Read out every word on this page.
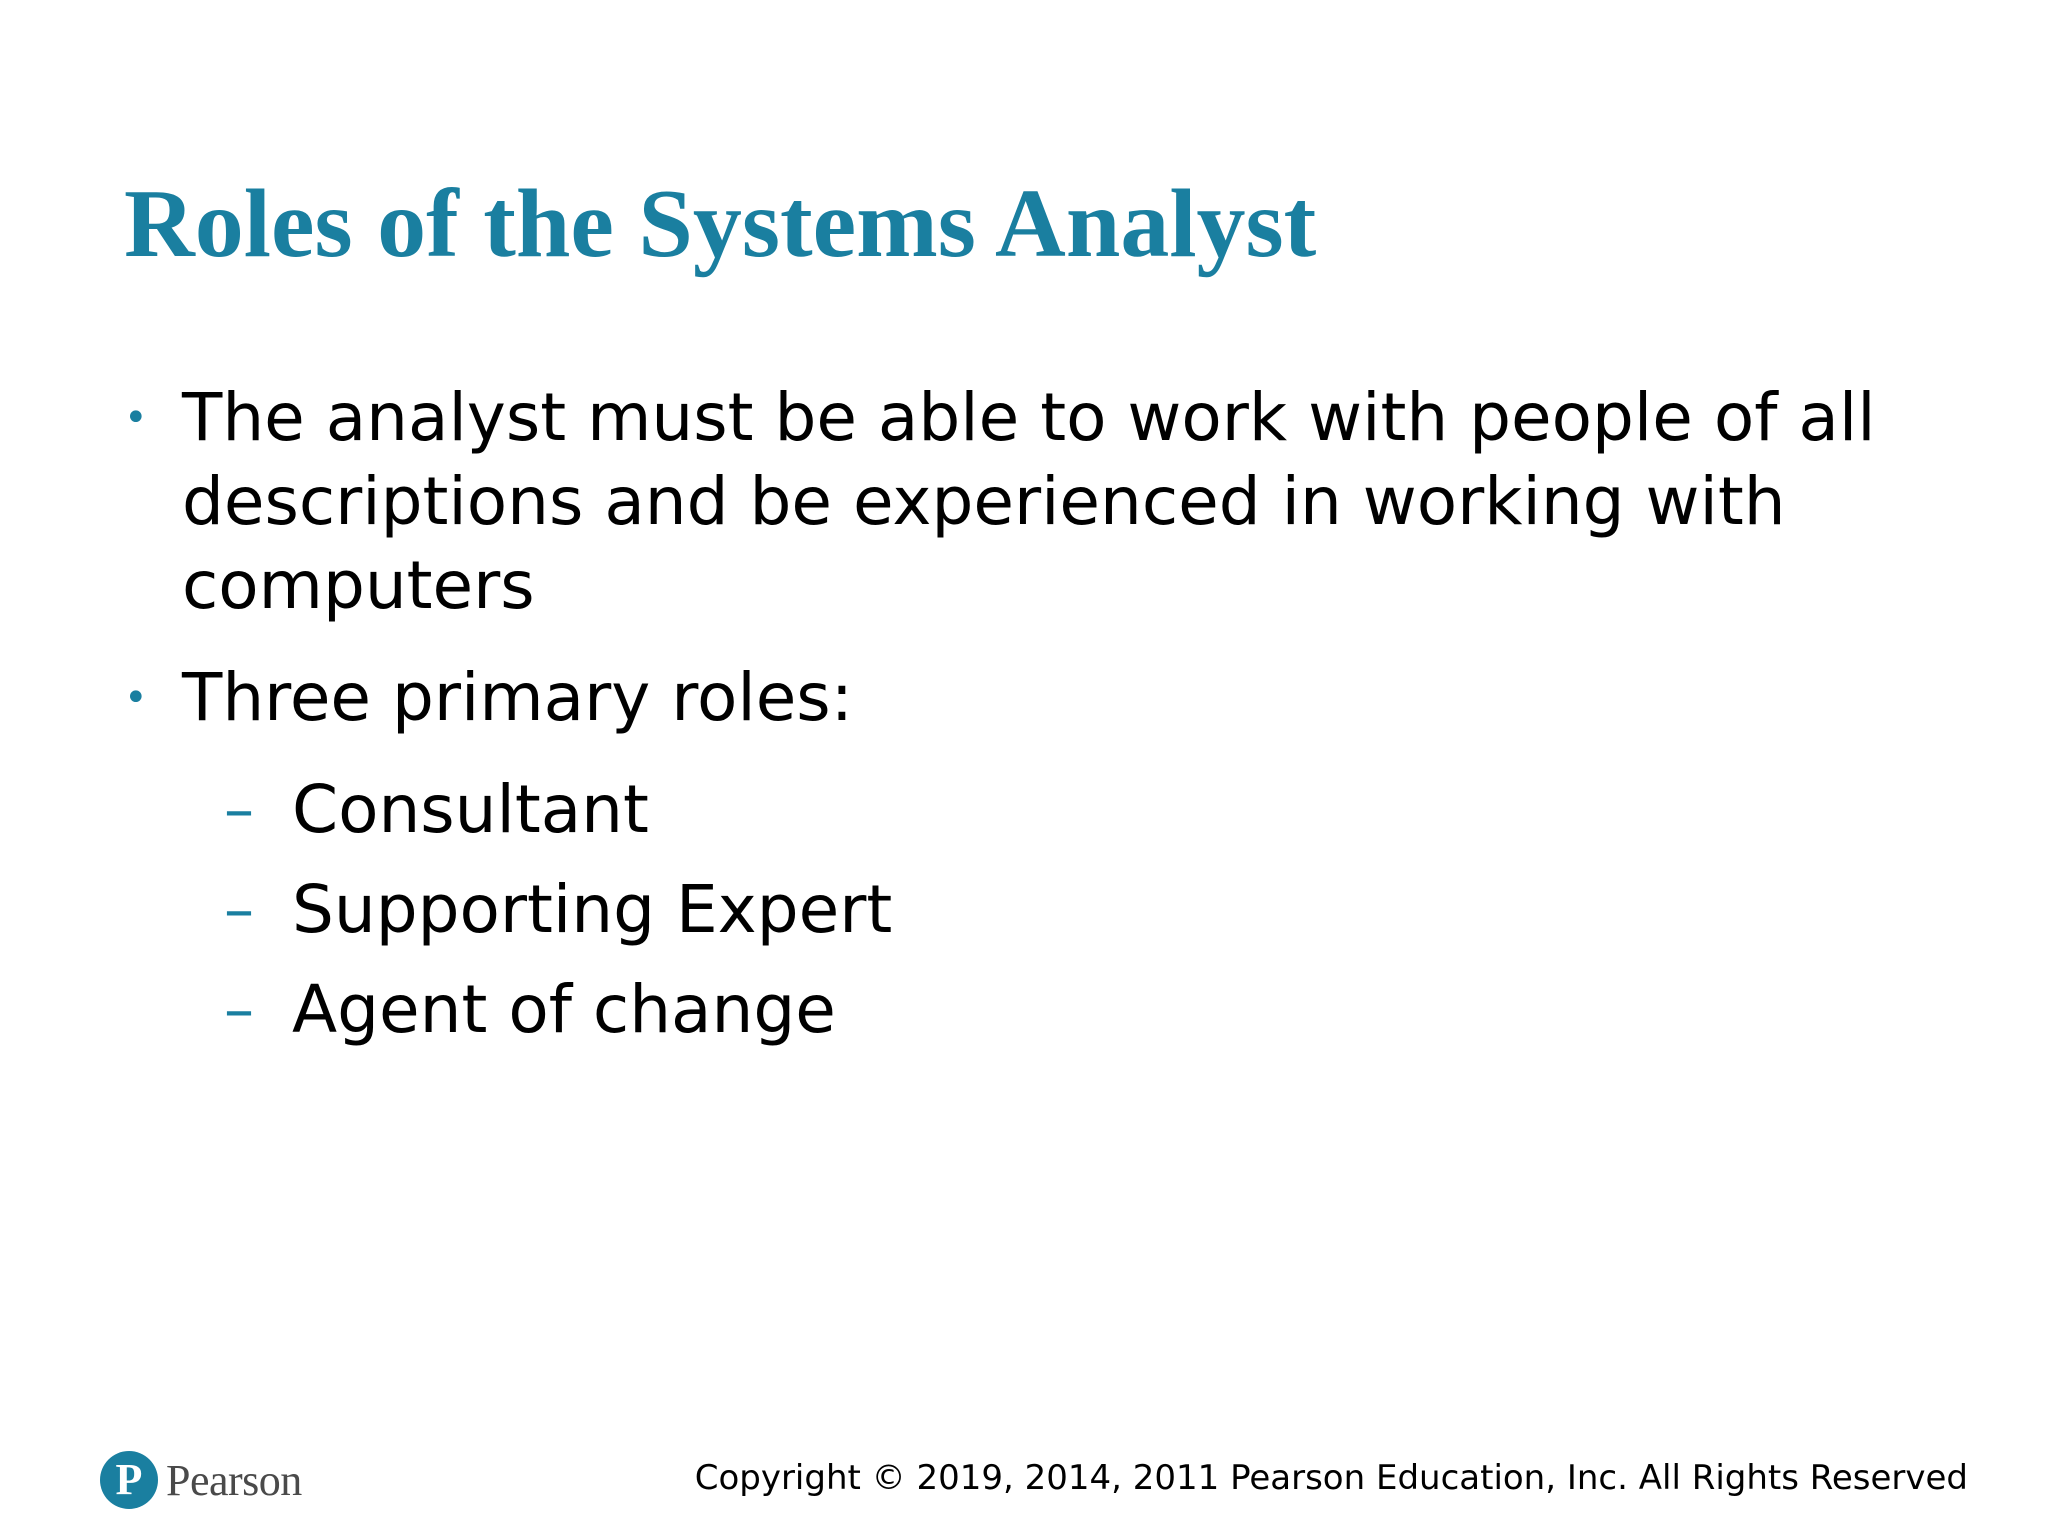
Roles of the Systems Analyst
• The analyst must be able to work with people of all descriptions and be experienced in working with computers
• Three primary roles:
– Consultant
– Supporting Expert
– Agent of change
P Pearson	Copyright © 2019, 2014, 2011 Pearson Education, Inc. All Rights Reserved
